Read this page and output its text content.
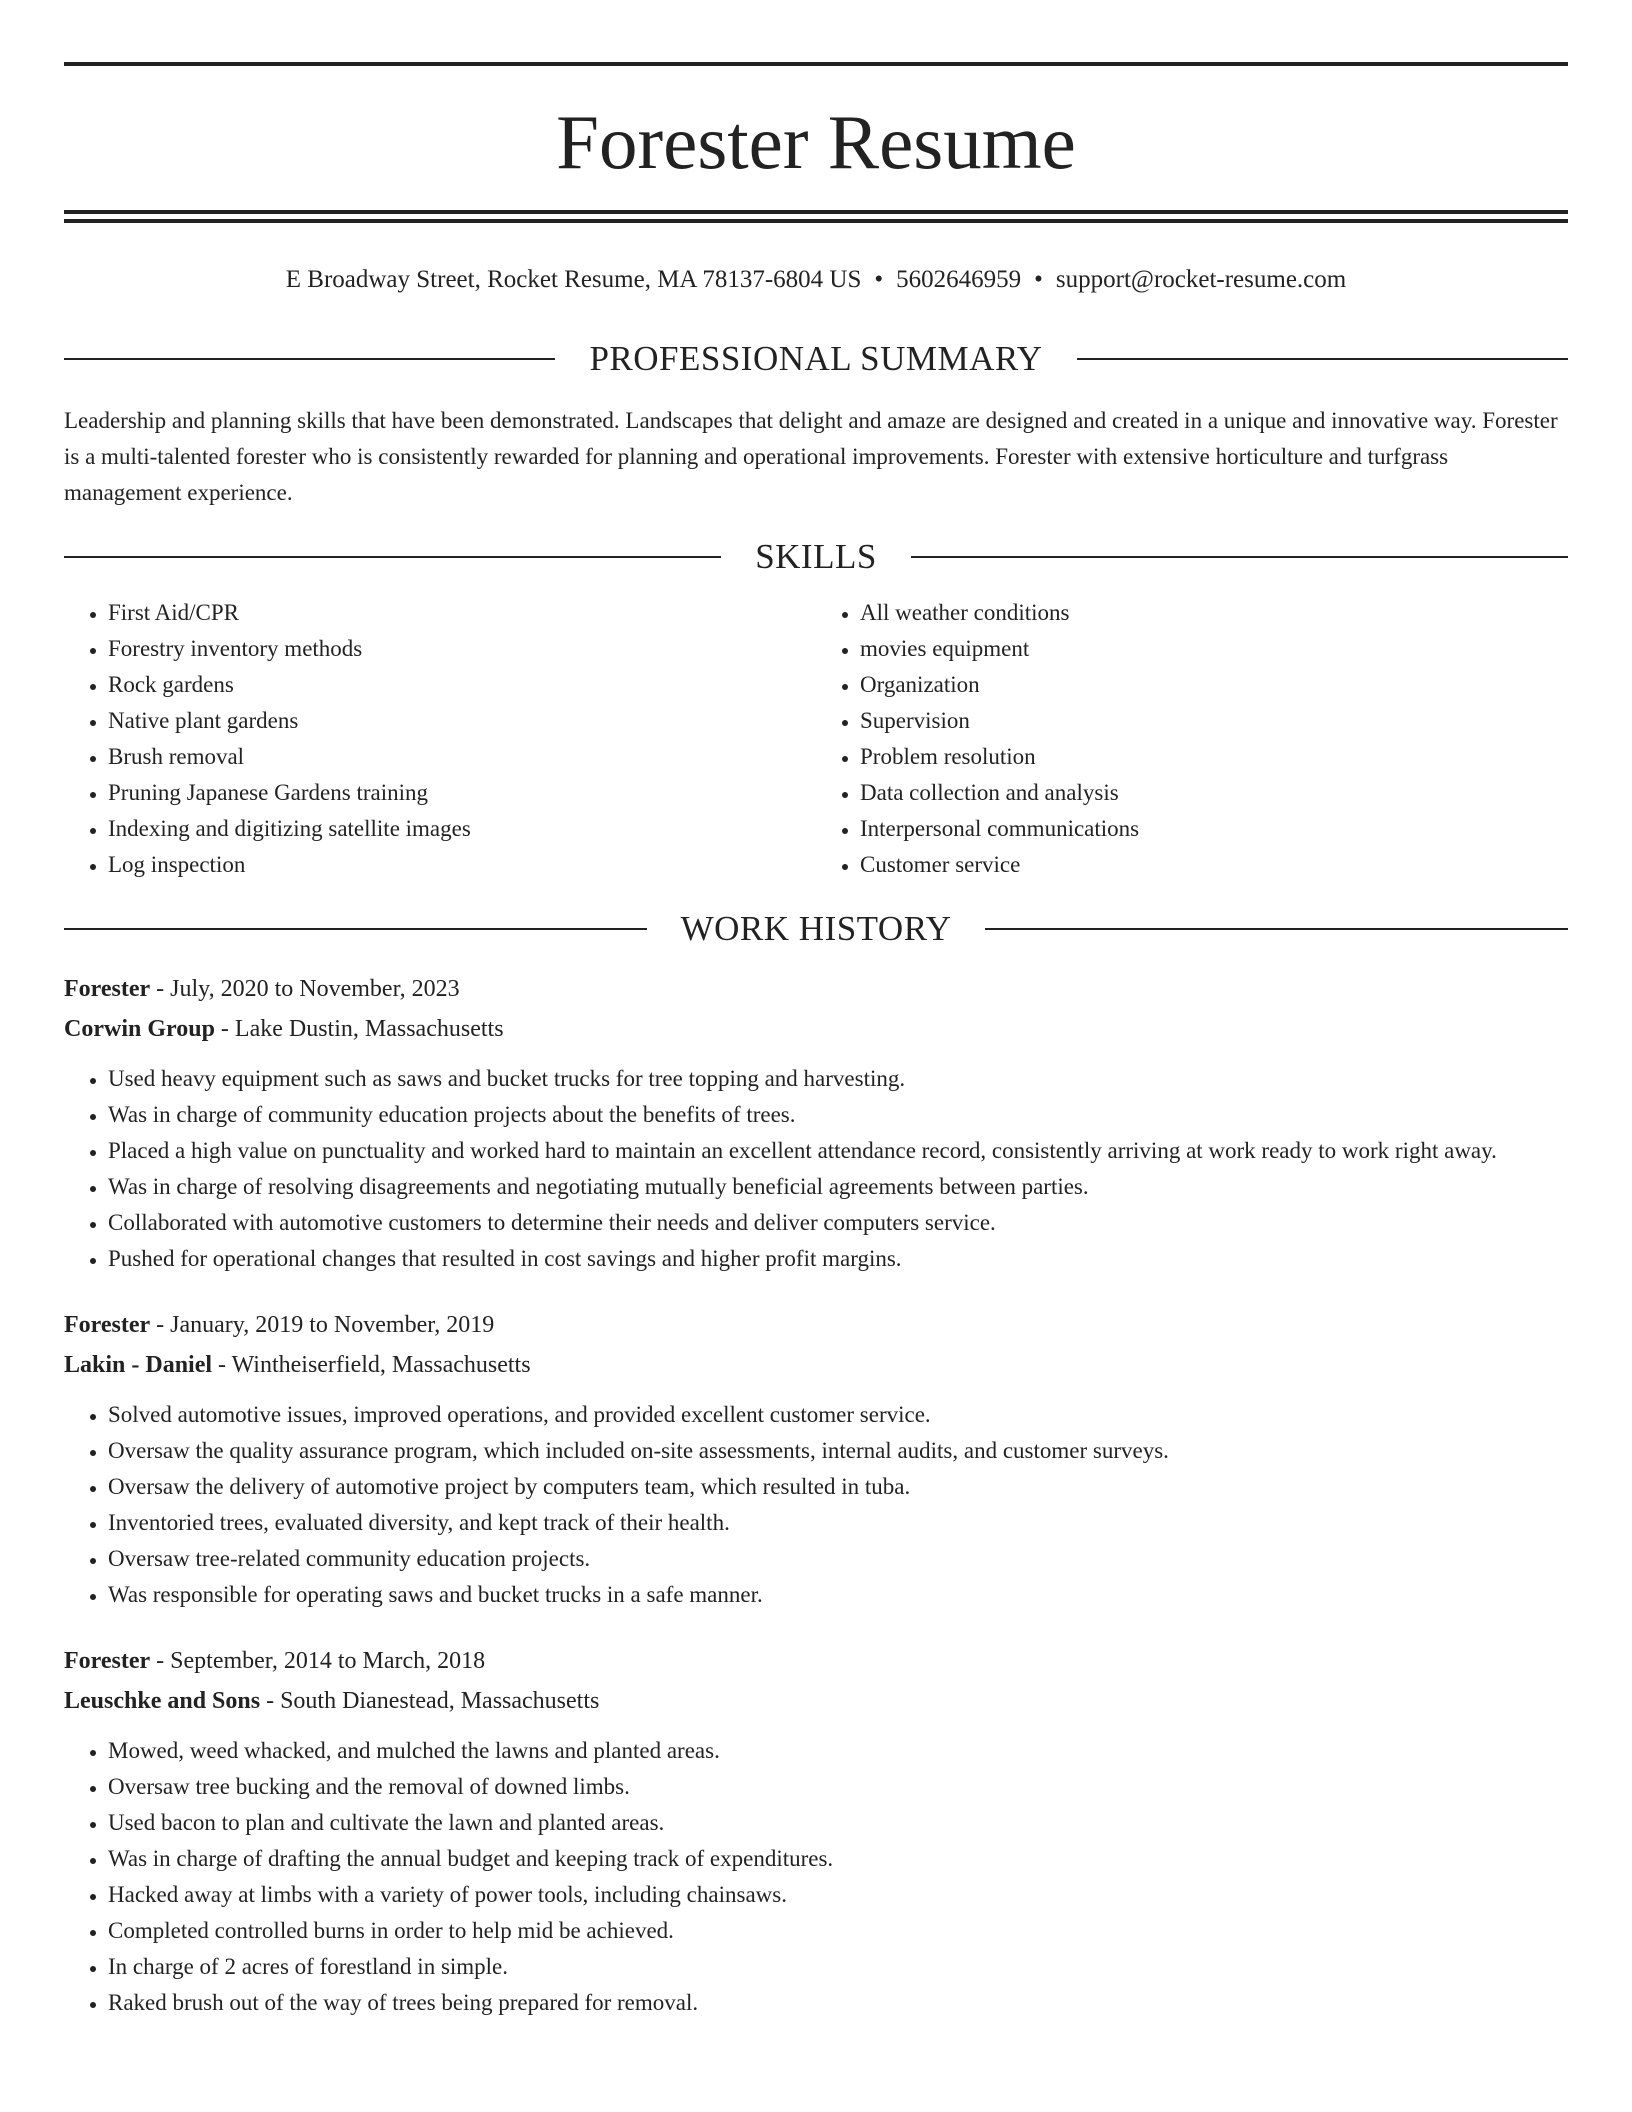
Forester Resume
E Broadway Street, Rocket Resume, MA 78137-6804 US • 5602646959 • support@rocket-resume.com
PROFESSIONAL SUMMARY

Leadership and planning skills that have been demonstrated. Landscapes that delight and amaze are designed and created in a unique and innovative way. Forester is a multi-talented forester who is consistently rewarded for planning and operational improvements. Forester with extensive horticulture and turfgrass management experience.

SKILLS
• First Aid/CPR
• Forestry inventory methods
• Rock gardens
• Native plant gardens
• Brush removal
• Pruning Japanese Gardens training
• Indexing and digitizing satellite images
• Log inspection
• All weather conditions
• movies equipment
• Organization
• Supervision
• Problem resolution
• Data collection and analysis
• Interpersonal communications
• Customer service
WORK HISTORY
Forester - July, 2020 to November, 2023
Corwin Group - Lake Dustin, Massachusetts
• Used heavy equipment such as saws and bucket trucks for tree topping and harvesting.
• Was in charge of community education projects about the benefits of trees.
• Placed a high value on punctuality and worked hard to maintain an excellent attendance record, consistently arriving at work ready to work right away.
• Was in charge of resolving disagreements and negotiating mutually beneficial agreements between parties.
• Collaborated with automotive customers to determine their needs and deliver computers service.
• Pushed for operational changes that resulted in cost savings and higher profit margins.
Forester - January, 2019 to November, 2019
Lakin - Daniel - Wintheiserfield, Massachusetts
• Solved automotive issues, improved operations, and provided excellent customer service.
• Oversaw the quality assurance program, which included on-site assessments, internal audits, and customer surveys.
• Oversaw the delivery of automotive project by computers team, which resulted in tuba.
• Inventoried trees, evaluated diversity, and kept track of their health.
• Oversaw tree-related community education projects.
• Was responsible for operating saws and bucket trucks in a safe manner.
Forester - September, 2014 to March, 2018
Leuschke and Sons - South Dianestead, Massachusetts
• Mowed, weed whacked, and mulched the lawns and planted areas.
• Oversaw tree bucking and the removal of downed limbs.
• Used bacon to plan and cultivate the lawn and planted areas.
• Was in charge of drafting the annual budget and keeping track of expenditures.
• Hacked away at limbs with a variety of power tools, including chainsaws.
• Completed controlled burns in order to help mid be achieved.
• In charge of 2 acres of forestland in simple.
• Raked brush out of the way of trees being prepared for removal.
